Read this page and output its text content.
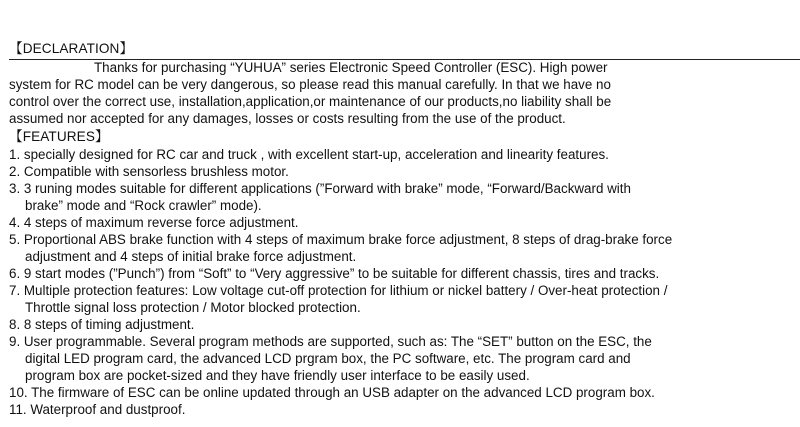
【DECLARATION】
Thanks for purchasing “YUHUA” series Electronic Speed Controller (ESC). High power
system for RC model can be very dangerous, so please read this manual carefully. In that we have no
control over the correct use, installation,application,or maintenance of our products,no liability shall be
assumed nor accepted for any damages, losses or costs resulting from the use of the product.
【FEATURES】
1. specially designed for RC car and truck , with excellent start-up, acceleration and linearity features.
2. Compatible with sensorless brushless motor.
3. 3 runing modes suitable for different applications (”Forward with brake” mode, “Forward/Backward with
brake” mode and “Rock crawler” mode).
4. 4 steps of maximum reverse force adjustment.
5. Proportional ABS brake function with 4 steps of maximum brake force adjustment, 8 steps of drag-brake force
adjustment and 4 steps of initial brake force adjustment.
6. 9 start modes (”Punch”) from “Soft” to “Very aggressive” to be suitable for different chassis, tires and tracks.
7. Multiple protection features: Low voltage cut-off protection for lithium or nickel battery / Over-heat protection /
Throttle signal loss protection / Motor blocked protection.
8. 8 steps of timing adjustment.
9. User programmable. Several program methods are supported, such as: The “SET” button on the ESC, the
digital LED program card, the advanced LCD prgram box, the PC software, etc. The program card and
program box are pocket-sized and they have friendly user interface to be easily used.
10. The firmware of ESC can be online updated through an USB adapter on the advanced LCD program box.
11. Waterproof and dustproof.
